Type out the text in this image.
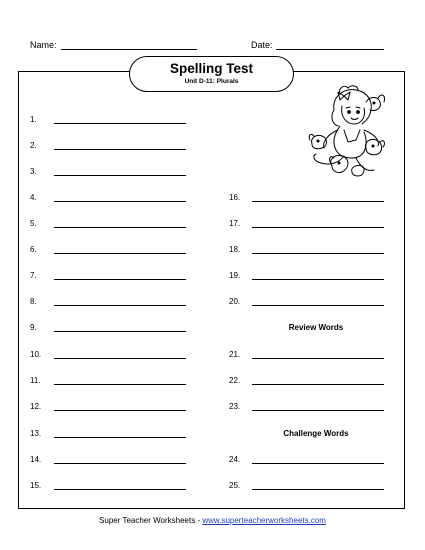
Name:	Date:
Spelling Test
Unit D-11: Plurals
1.
2.
3.
4.
5.
6.
7.
8.
9.
10.
11.
12.
13.
14.
15.
16.
17.
18.
19.
20.
Review Words
21.
22.
23.
Challenge Words
24.
25.
Super Teacher Worksheets - www.superteacherworksheets.com
